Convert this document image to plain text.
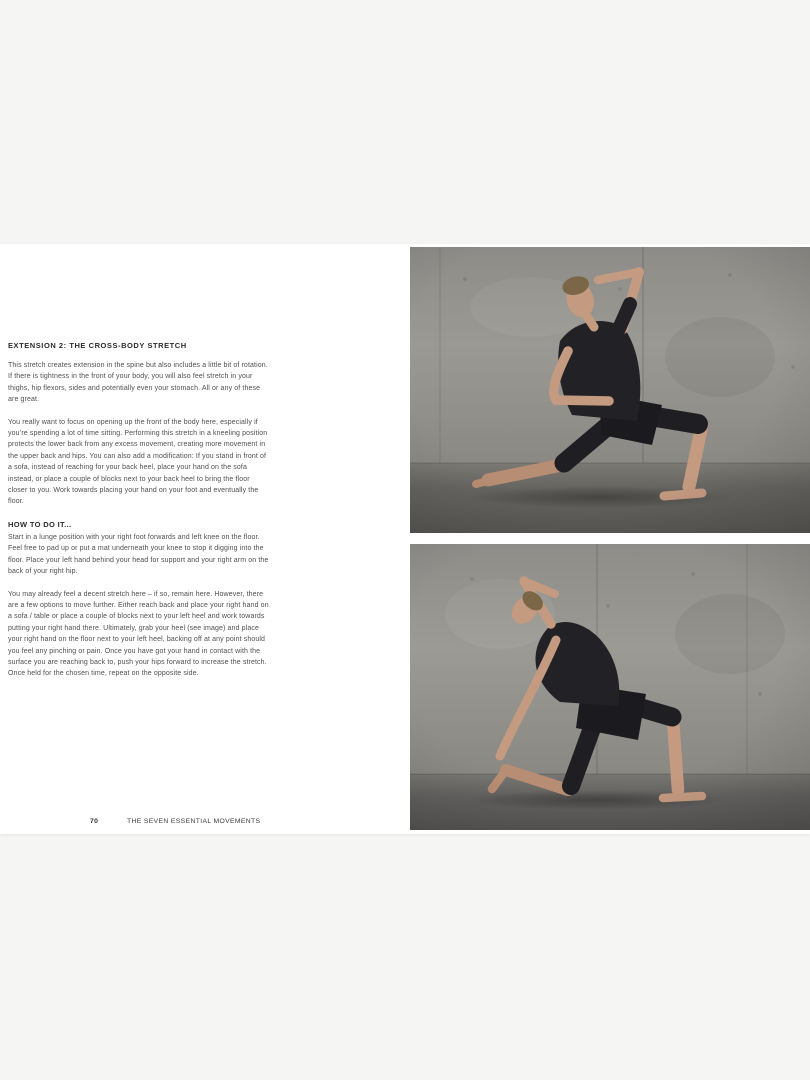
EXTENSION 2: THE CROSS-BODY STRETCH

This stretch creates extension in the spine but also includes a little bit of rotation. If there is tightness in the front of your body, you will also feel stretch in your thighs, hip flexors, sides and potentially even your stomach. All or any of these are great.

You really want to focus on opening up the front of the body here, especially if you’re spending a lot of time sitting. Performing this stretch in a kneeling position protects the lower back from any excess movement, creating more movement in the upper back and hips. You can also add a modification: If you stand in front of a sofa, instead of reaching for your back heel, place your hand on the sofa instead, or place a couple of blocks next to your back heel to bring the floor closer to you. Work towards placing your hand on your foot and eventually the floor.

HOW TO DO IT...

Start in a lunge position with your right foot forwards and left knee on the floor. Feel free to pad up or put a mat underneath your knee to stop it digging into the floor. Place your left hand behind your head for support and your right arm on the back of your right hip.

You may already feel a decent stretch here – if so, remain here. However, there are a few options to move further. Either reach back and place your right hand on a sofa / table or place a couple of blocks next to your left heel and work towards putting your right hand there. Ultimately, grab your heel (see image) and place your right hand on the floor next to your left heel, backing off at any point should you feel any pinching or pain. Once you have got your hand in contact with the surface you are reaching back to, push your hips forward to increase the stretch. Once held for the chosen time, repeat on the opposite side.

70	THE SEVEN ESSENTIAL MOVEMENTS
